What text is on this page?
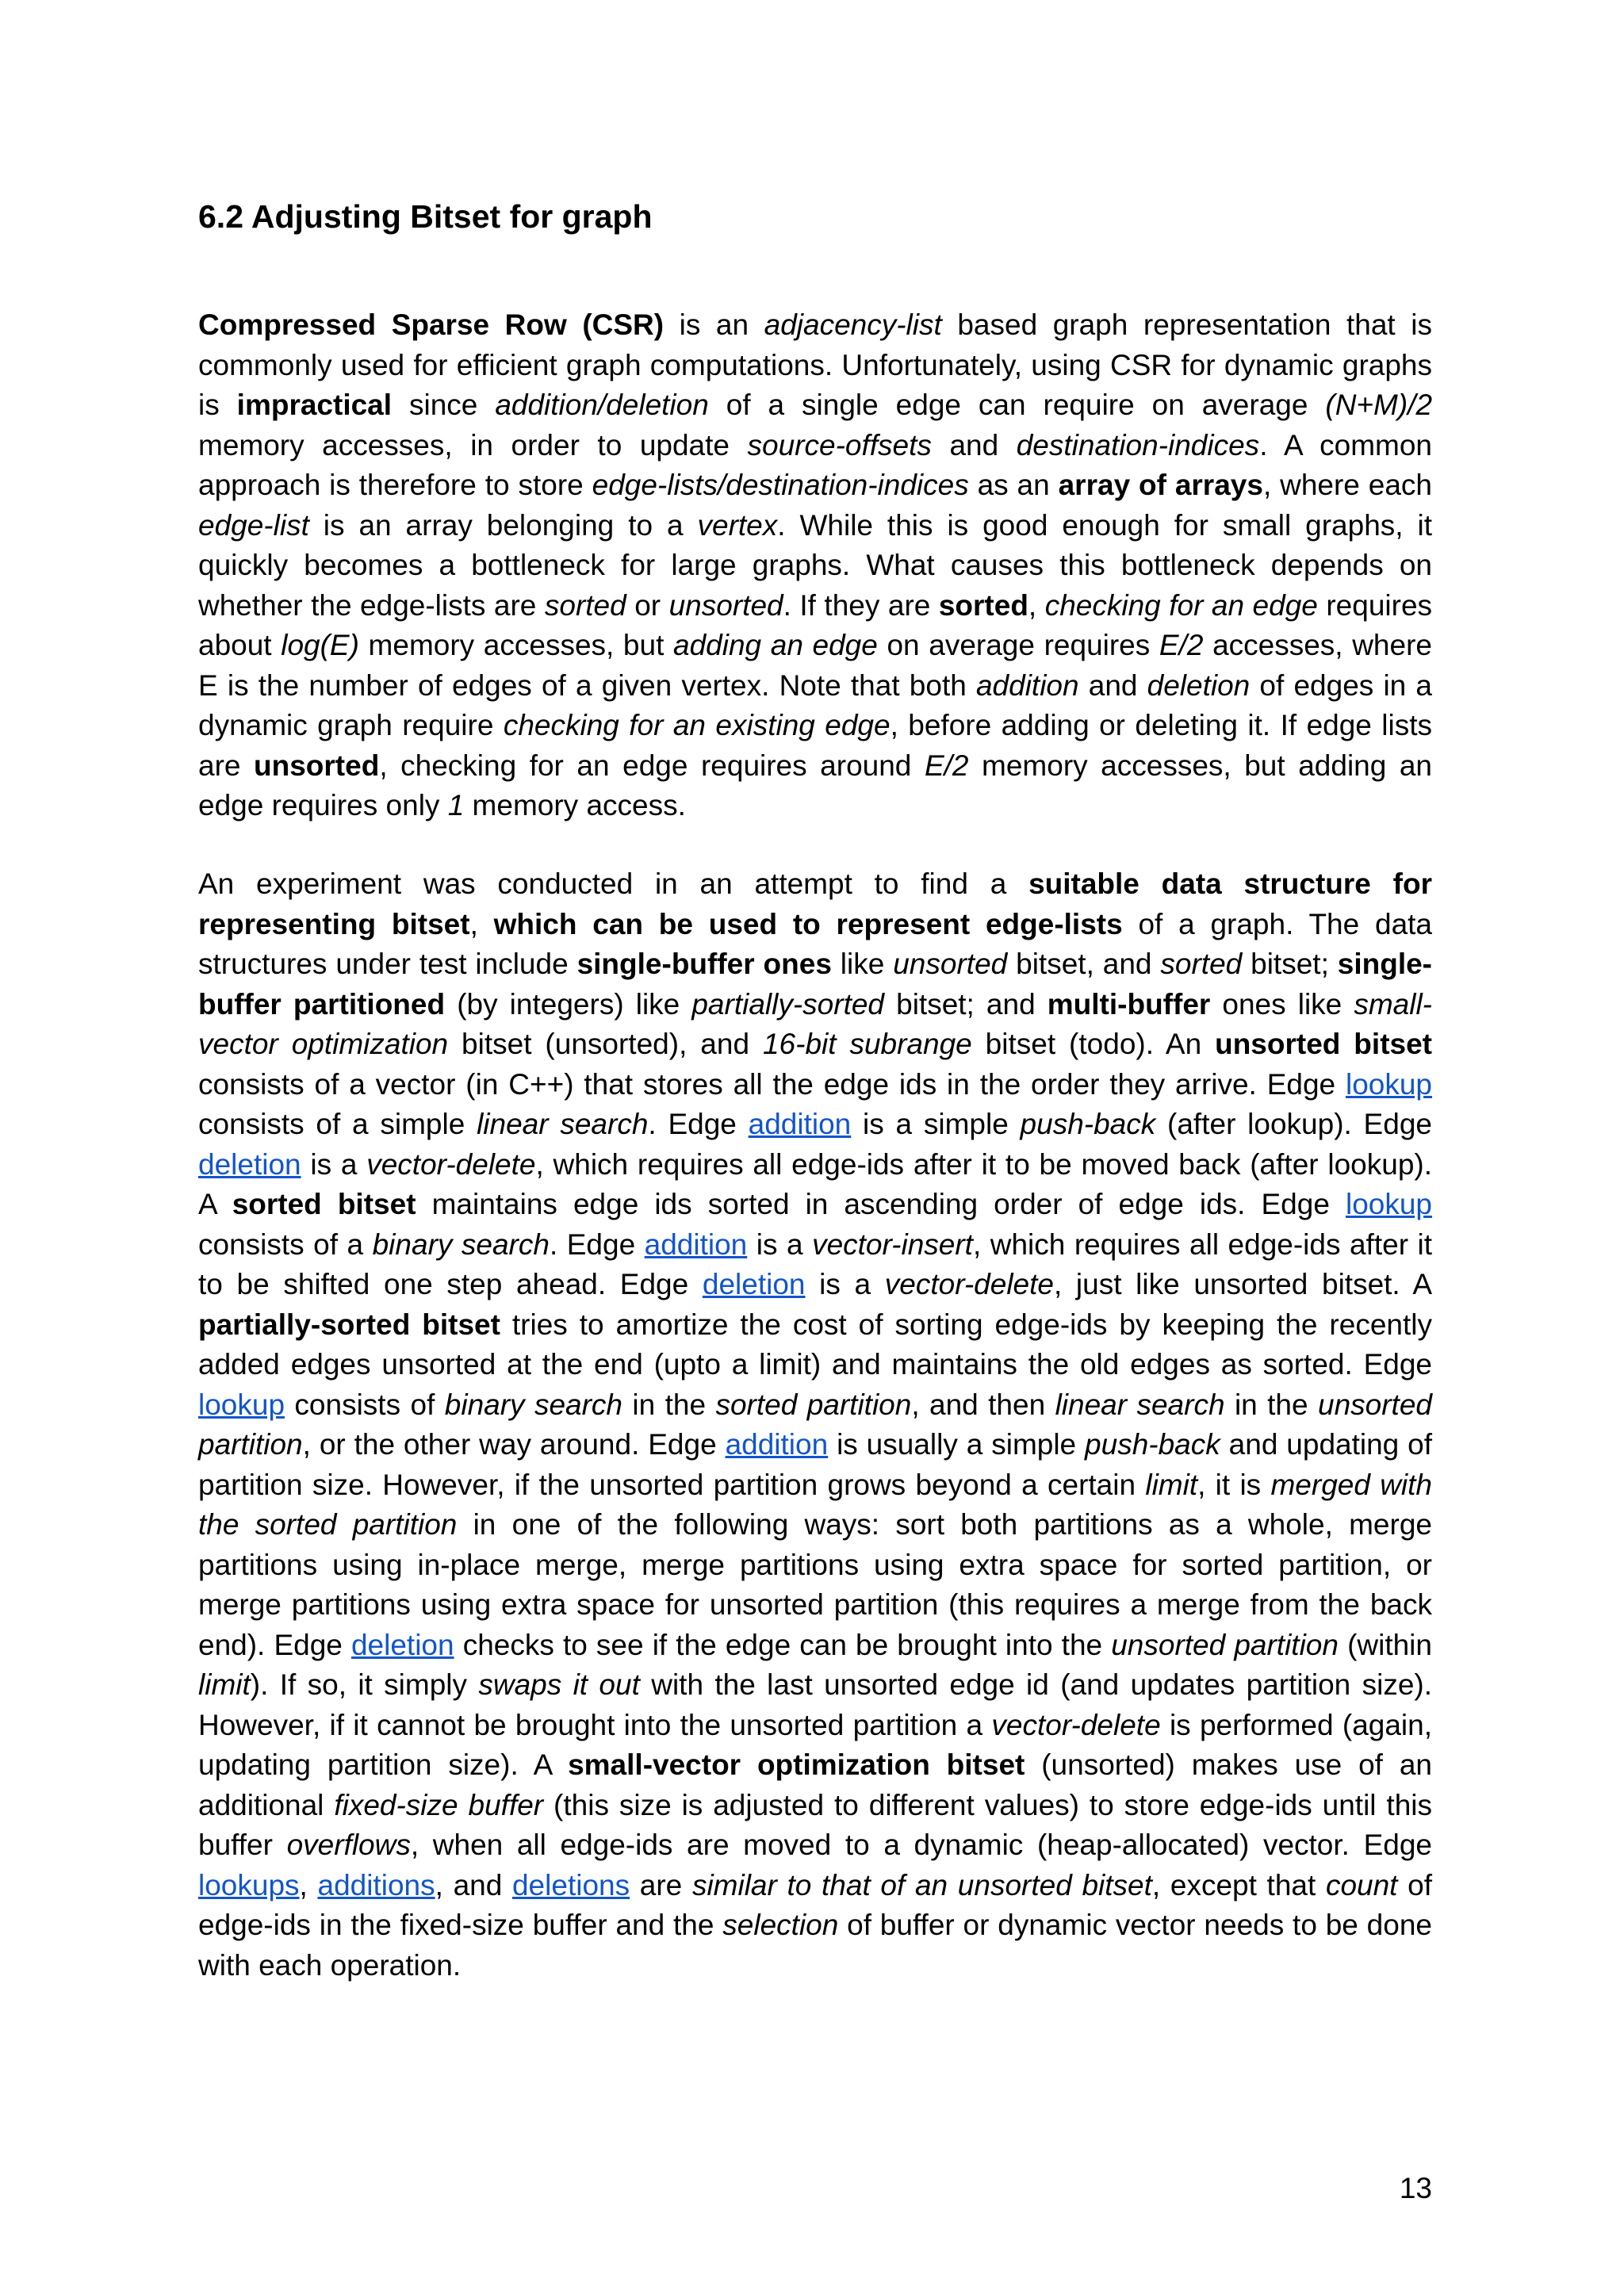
6.2 Adjusting Bitset for graph

Compressed Sparse Row (CSR) is an adjacency-list based graph representation that is commonly used for efficient graph computations. Unfortunately, using CSR for dynamic graphs is impractical since addition/deletion of a single edge can require on average (N+M)/2 memory accesses, in order to update source-offsets and destination-indices. A common approach is therefore to store edge-lists/destination-indices as an array of arrays, where each edge-list is an array belonging to a vertex. While this is good enough for small graphs, it quickly becomes a bottleneck for large graphs. What causes this bottleneck depends on whether the edge-lists are sorted or unsorted. If they are sorted, checking for an edge requires about log(E) memory accesses, but adding an edge on average requires E/2 accesses, where E is the number of edges of a given vertex. Note that both addition and deletion of edges in a dynamic graph require checking for an existing edge, before adding or deleting it. If edge lists are unsorted, checking for an edge requires around E/2 memory accesses, but adding an edge requires only 1 memory access.

An experiment was conducted in an attempt to find a suitable data structure for representing bitset, which can be used to represent edge-lists of a graph. The data structures under test include single-buffer ones like unsorted bitset, and sorted bitset; single-buffer partitioned (by integers) like partially-sorted bitset; and multi-buffer ones like small-vector optimization bitset (unsorted), and 16-bit subrange bitset (todo). An unsorted bitset consists of a vector (in C++) that stores all the edge ids in the order they arrive. Edge lookup consists of a simple linear search. Edge addition is a simple push-back (after lookup). Edge deletion is a vector-delete, which requires all edge-ids after it to be moved back (after lookup). A sorted bitset maintains edge ids sorted in ascending order of edge ids. Edge lookup consists of a binary search. Edge addition is a vector-insert, which requires all edge-ids after it to be shifted one step ahead. Edge deletion is a vector-delete, just like unsorted bitset. A partially-sorted bitset tries to amortize the cost of sorting edge-ids by keeping the recently added edges unsorted at the end (upto a limit) and maintains the old edges as sorted. Edge lookup consists of binary search in the sorted partition, and then linear search in the unsorted partition, or the other way around. Edge addition is usually a simple push-back and updating of partition size. However, if the unsorted partition grows beyond a certain limit, it is merged with the sorted partition in one of the following ways: sort both partitions as a whole, merge partitions using in-place merge, merge partitions using extra space for sorted partition, or merge partitions using extra space for unsorted partition (this requires a merge from the back end). Edge deletion checks to see if the edge can be brought into the unsorted partition (within limit). If so, it simply swaps it out with the last unsorted edge id (and updates partition size). However, if it cannot be brought into the unsorted partition a vector-delete is performed (again, updating partition size). A small-vector optimization bitset (unsorted) makes use of an additional fixed-size buffer (this size is adjusted to different values) to store edge-ids until this buffer overflows, when all edge-ids are moved to a dynamic (heap-allocated) vector. Edge lookups, additions, and deletions are similar to that of an unsorted bitset, except that count of edge-ids in the fixed-size buffer and the selection of buffer or dynamic vector needs to be done with each operation.

13
